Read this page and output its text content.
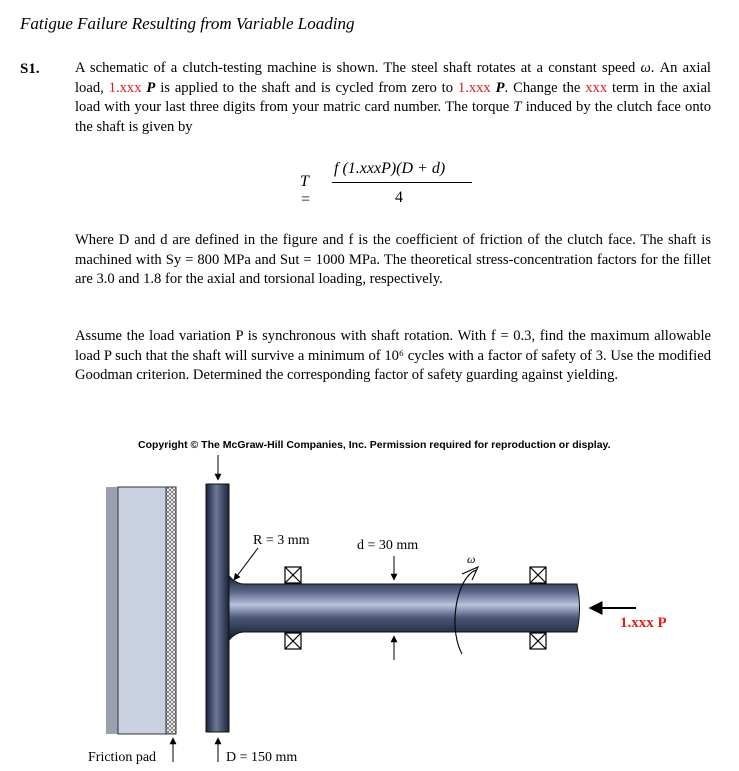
Fatigue Failure Resulting from Variable Loading
S1. A schematic of a clutch-testing machine is shown. The steel shaft rotates at a constant speed ω. An axial load, 1.xxx P is applied to the shaft and is cycled from zero to 1.xxx P. Change the xxx term in the axial load with your last three digits from your matric card number. The torque T induced by the clutch face onto the shaft is given by
T =
f (1.xxxP)(D + d)
4
Where D and d are defined in the figure and f is the coefficient of friction of the clutch face. The shaft is machined with Sy = 800 MPa and Sut = 1000 MPa. The theoretical stress-concentration factors for the fillet are 3.0 and 1.8 for the axial and torsional loading, respectively.
Assume the load variation P is synchronous with shaft rotation. With f = 0.3, find the maximum allowable load P such that the shaft will survive a minimum of 10⁶ cycles with a factor of safety of 3. Use the modified Goodman criterion. Determined the corresponding factor of safety guarding against yielding.
Copyright © The McGraw-Hill Companies, Inc. Permission required for reproduction or display.
R = 3 mm	d = 30 mm
ω
1.xxx P
Friction pad	D = 150 mm
